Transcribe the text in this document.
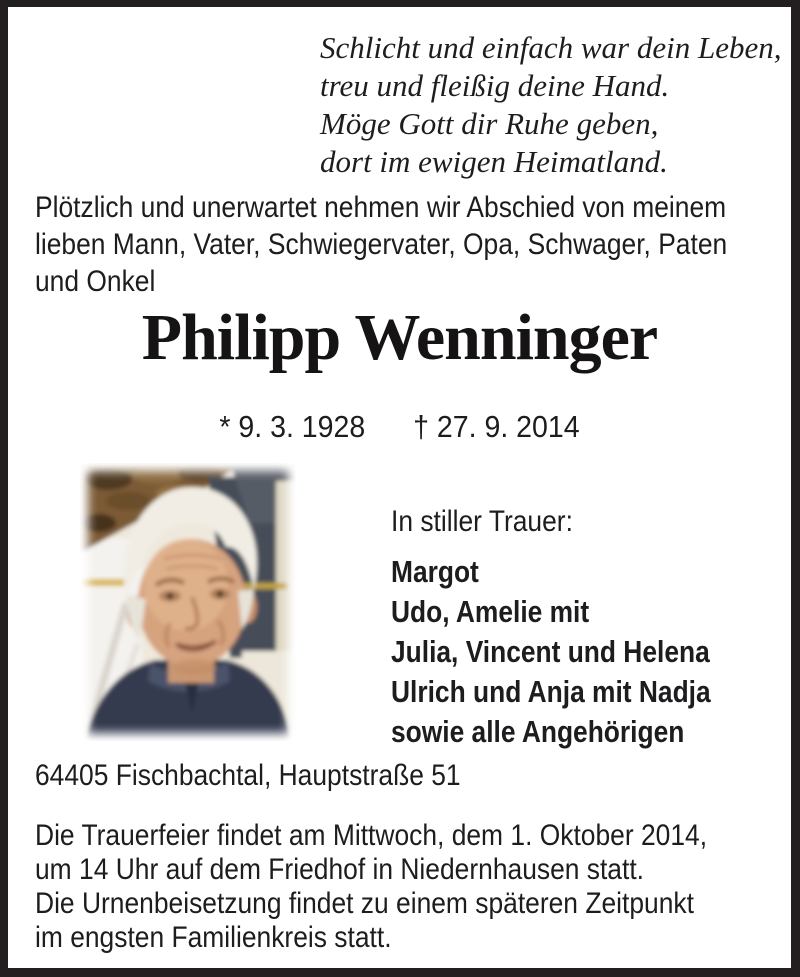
Schlicht und einfach war dein Leben,
treu und fleißig deine Hand.
Möge Gott dir Ruhe geben,
dort im ewigen Heimatland.
Plötzlich und unerwartet nehmen wir Abschied von meinem
lieben Mann, Vater, Schwiegervater, Opa, Schwager, Paten
und Onkel
Philipp Wenninger
* 9. 3. 1928 † 27. 9. 2014
In stiller Trauer:
Margot
Udo, Amelie mit
Julia, Vincent und Helena
Ulrich und Anja mit Nadja
sowie alle Angehörigen
64405 Fischbachtal, Hauptstraße 51
Die Trauerfeier findet am Mittwoch, dem 1. Oktober 2014,
um 14 Uhr auf dem Friedhof in Niedernhausen statt.
Die Urnenbeisetzung findet zu einem späteren Zeitpunkt
im engsten Familienkreis statt.
